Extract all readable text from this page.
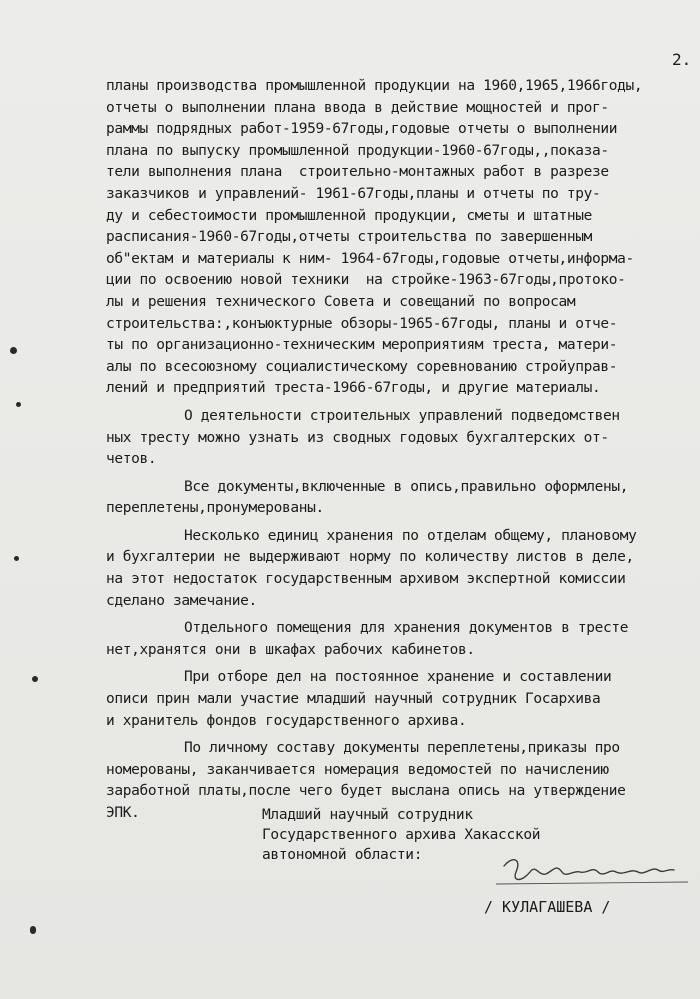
2.
планы производства промышленной продукции на 1960,1965,1966годы,
отчеты о выполнении плана ввода в действие мощностей и прог-
раммы подрядных работ-1959-67годы,годовые отчеты о выполнении
плана по выпуску промышленной продукции-1960-67годы,,показа-
тели выполнения плана  строительно-монтажных работ в разрезе
заказчиков и управлений- 1961-67годы,планы и отчеты по тру-
ду и себестоимости промышленной продукции, сметы и штатные
расписания-1960-67годы,отчеты строительства по завершенным
об"ектам и материалы к ним- 1964-67годы,годовые отчеты,информа-
ции по освоению новой техники  на стройке-1963-67годы,протоко-
лы и решения технического Совета и совещаний по вопросам
строительства:,конъюктурные обзоры-1965-67годы, планы и отче-
ты по организационно-техническим мероприятиям треста, матери-
алы по всесоюзному социалистическому соревнованию стройуправ-
лений и предприятий треста-1966-67годы, и другие материалы.
О деятельности строительных управлений подведомствен
ных тресту можно узнать из сводных годовых бухгалтерских от-
четов.
Все документы,включенные в опись,правильно оформлены,
переплетены,пронумерованы.
Несколько единиц хранения по отделам общему, плановому
и бухгалтерии не выдерживают норму по количеству листов в деле,
на этот недостаток государственным архивом экспертной комиссии
сделано замечание.
Отдельного помещения для хранения документов в тресте
нет,хранятся они в шкафах рабочих кабинетов.
При отборе дел на постоянное хранение и составлении
описи прин мали участие младший научный сотрудник Госархива
и хранитель фондов государственного архива.
По личному составу документы переплетены,приказы про
номерованы, заканчивается номерация ведомостей по начислению
заработной платы,после чего будет выслана опись на утверждение
ЭПК.	Младший научный сотрудник
Государственного архива Хакасской
автономной области:
/ КУЛАГАШЕВА /
